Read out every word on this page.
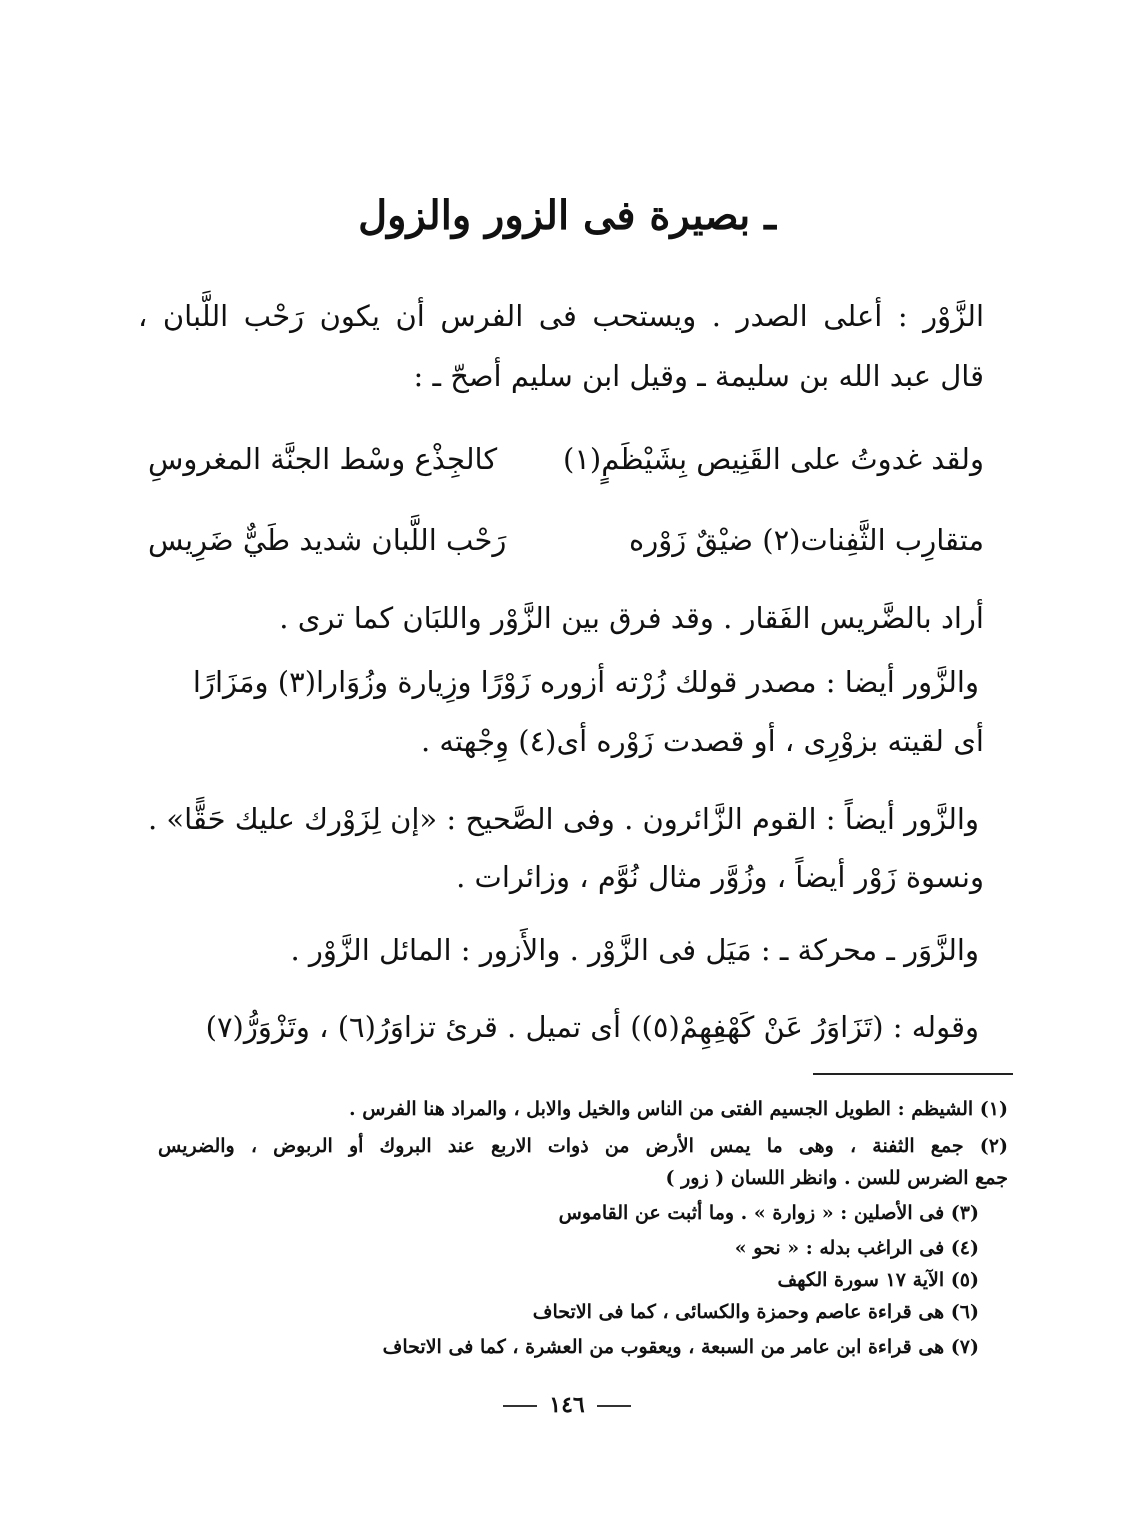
ـ بصيرة فى الزور والزول
الزَّوْر : أعلى الصدر . ويستحب فى الفرس أن يكون رَحْب اللَّبان ،
قال عبد الله بن سليمة ـ وقيل ابن سليم أصحّ ـ :
ولقد غدوتُ على القَنِيص بِشَيْظَمٍ(١)
كالجِذْع وسْط الجنَّة المغروسِ
متقارِب الثَّفِنات(٢) ضيْقٌ زَوْره
رَحْب اللَّبان شديد طَيٌّ ضَرِيس
أراد بالضَّريس الفَقار . وقد فرق بين الزَّوْر واللبَان كما ترى .
والزَّور أيضا : مصدر قولك زُرْته أزوره زَوْرًا وزِيارة وزُوَارا(٣) ومَزَارًا
أى لقيته بزوْرِى ، أو قصدت زَوْره أى(٤) وِجْهته .
والزَّور أيضاً : القوم الزَّائرون . وفى الصَّحيح : «إن لِزَوْرك عليك حَقًّا» .
ونسوة زَوْر أيضاً ، وزُوَّر مثال نُوَّم ، وزائرات .
والزَّوَر ـ محركة ـ : مَيَل فى الزَّوْر . والأَزور : المائل الزَّوْر .
وقوله : (تَزَاوَرُ عَنْ كَهْفِهِمْ(٥)) أى تميل . قرئ تزاوَرُ(٦) ، وتَزْوَرُّ(٧)
(١) الشيظم : الطويل الجسيم الفتى من الناس والخيل والابل ، والمراد هنا الفرس .
(٢) جمع الثفنة ، وهى ما يمس الأرض من ذوات الاربع عند البروك أو الربوض ، والضريس
جمع الضرس للسن . وانظر اللسان ( زور )
(٣) فى الأصلين : « زوارة » . وما أثبت عن القاموس
(٤) فى الراغب بدله : « نحو »
(٥) الآية ١٧ سورة الكهف
(٦) هى قراءة عاصم وحمزة والكسائى ، كما فى الاتحاف
(٧) هى قراءة ابن عامر من السبعة ، ويعقوب من العشرة ، كما فى الاتحاف
١٤٦
